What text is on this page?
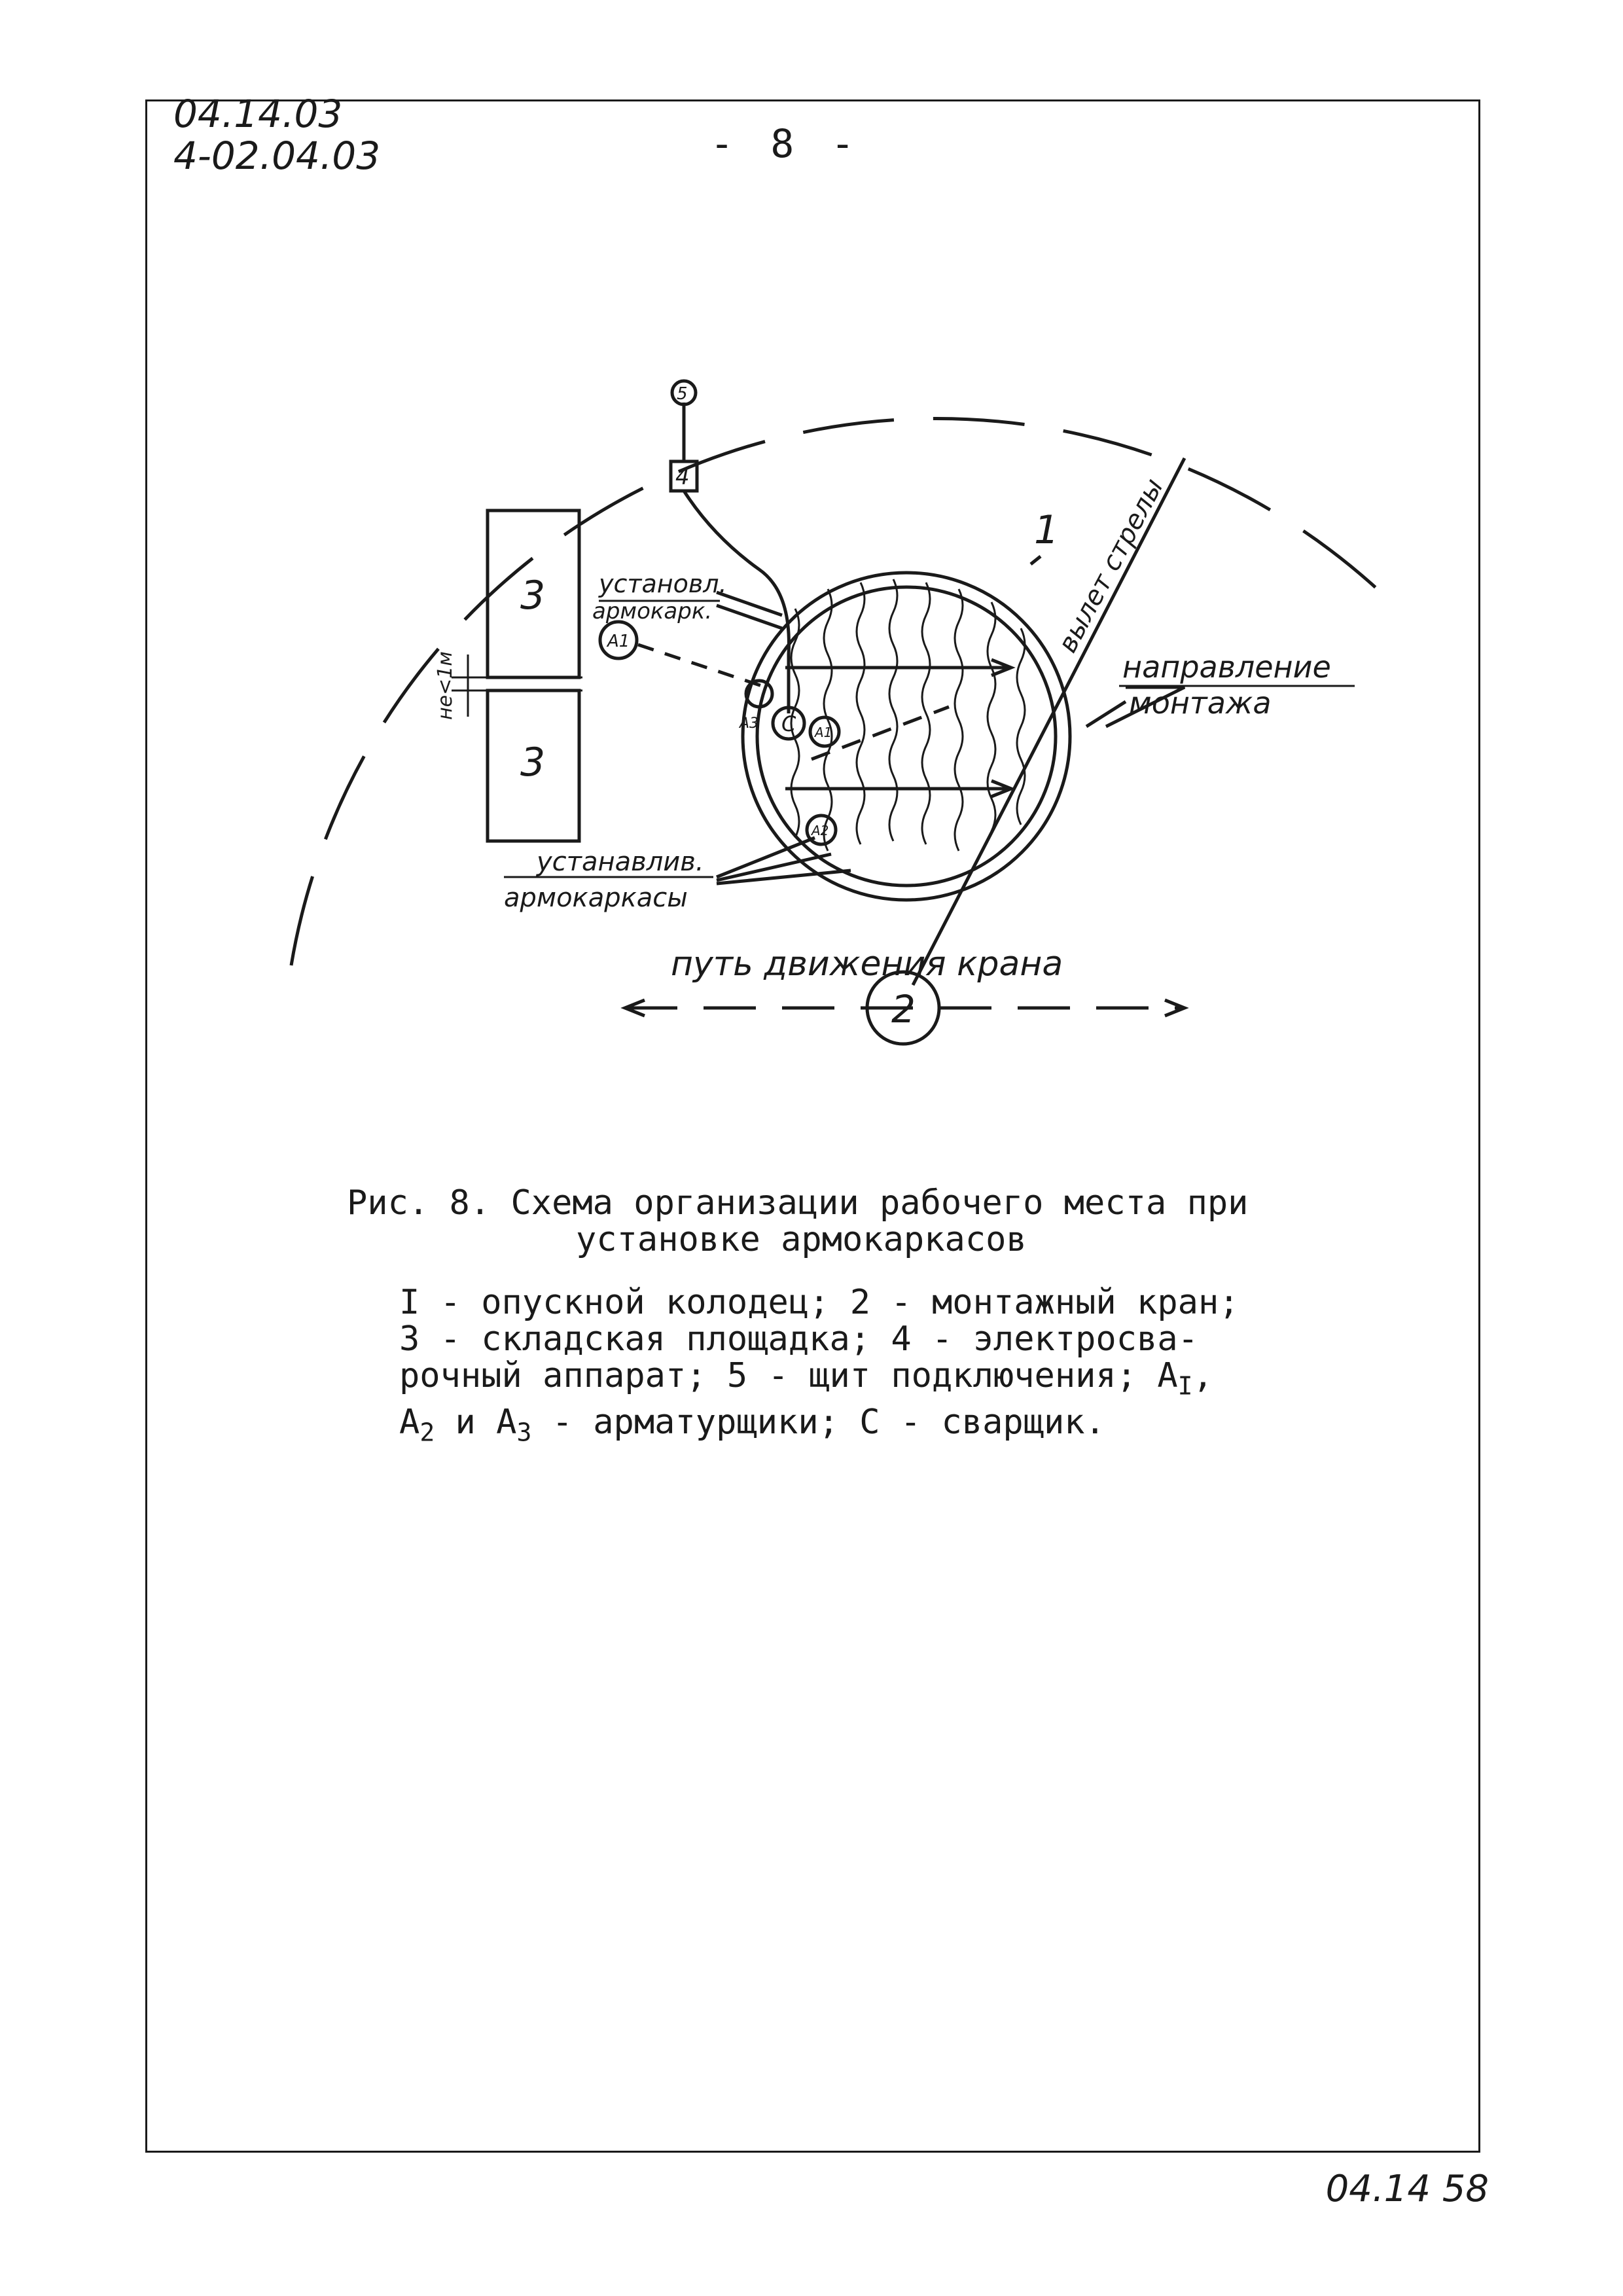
04.14.03
4-02.04.03	- 8 -
1
3
3
5
4
A1
A1
A2
A3 C
2
не<1м
вылет стрелы
установл.
армокарк.
направление
монтажа
устанавлив.
армокаркасы
путь движения крана
Рис. 8. Схема организации рабочего места при
установке армокаркасов
I - опускной колодец; 2 - монтажный кран;
3 - складская площадка; 4 - электросва-
рочный аппарат; 5 - щит подключения; $A_I$,
$A_2$ и $A_3$ - арматурщики; С - сварщик.
04.14 58
